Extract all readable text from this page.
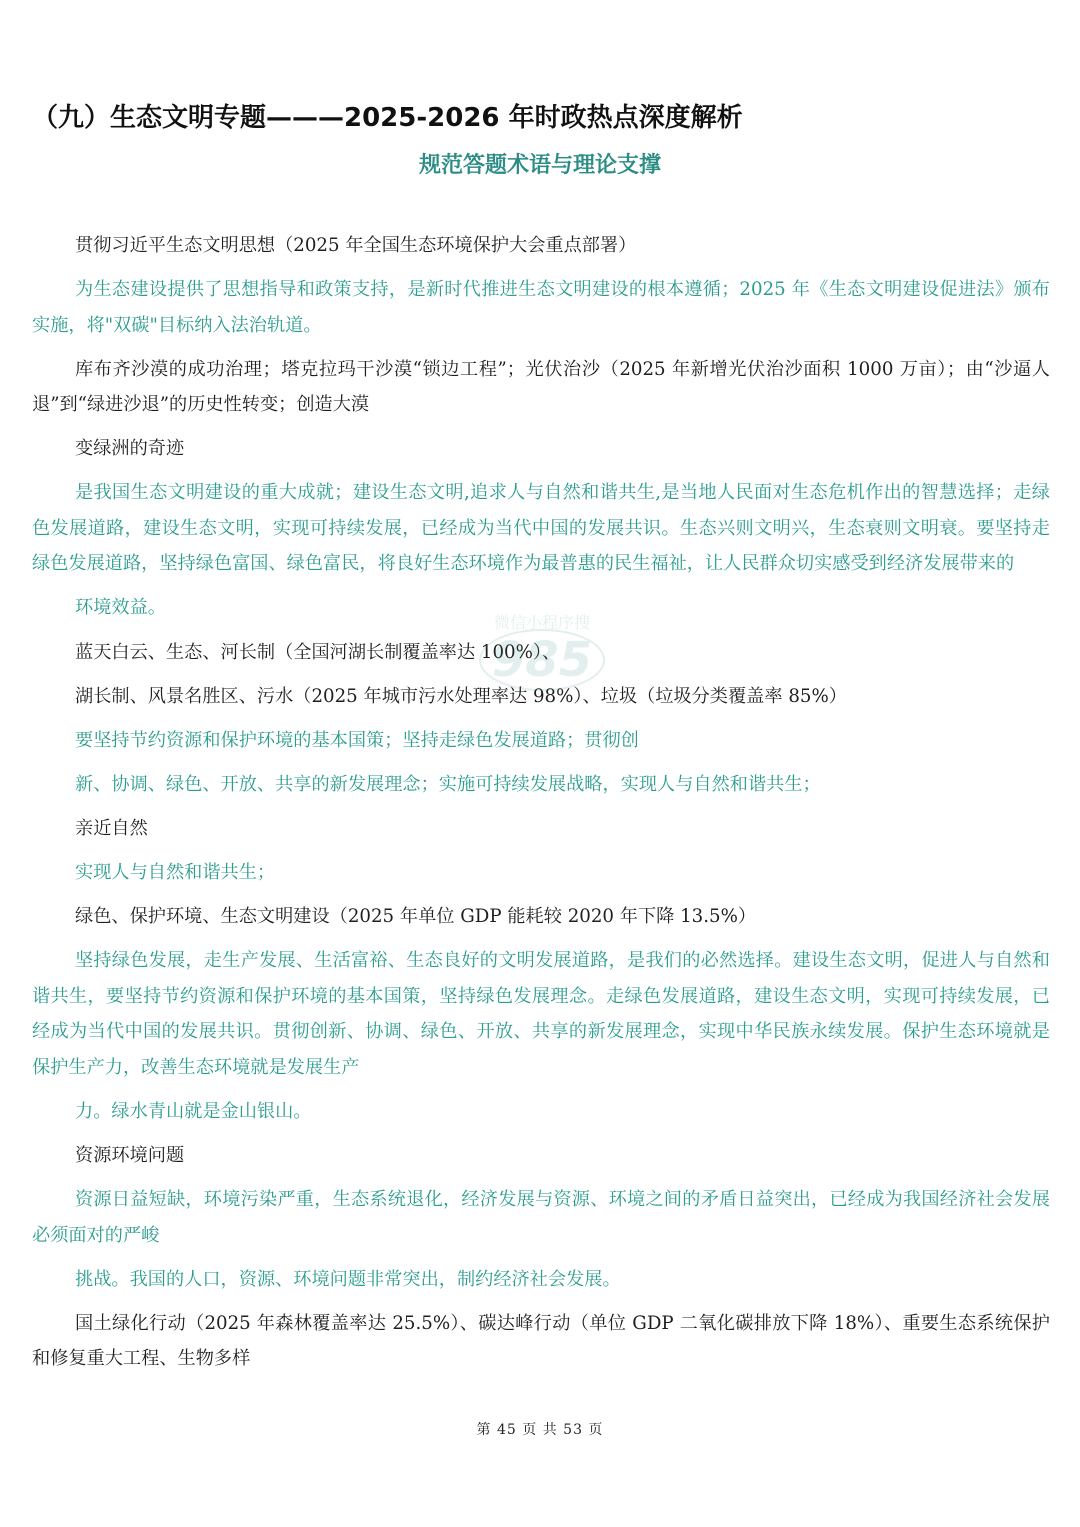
（九）生态文明专题———2025-2026 年时政热点深度解析
规范答题术语与理论支撑

贯彻习近平生态文明思想（2025 年全国生态环境保护大会重点部署）

为生态建设提供了思想指导和政策支持，是新时代推进生态文明建设的根本遵循；2025 年《生态文明建设促进法》颁布实施，将"双碳"目标纳入法治轨道。

库布齐沙漠的成功治理；塔克拉玛干沙漠“锁边工程”；光伏治沙（2025 年新增光伏治沙面积 1000 万亩）；由“沙逼人退”到“绿进沙退”的历史性转变；创造大漠

变绿洲的奇迹

是我国生态文明建设的重大成就；建设生态文明,追求人与自然和谐共生,是当地人民面对生态危机作出的智慧选择；走绿色发展道路，建设生态文明，实现可持续发展，已经成为当代中国的发展共识。生态兴则文明兴，生态衰则文明衰。要坚持走绿色发展道路，坚持绿色富国、绿色富民，将良好生态环境作为最普惠的民生福祉，让人民群众切实感受到经济发展带来的

环境效益。

蓝天白云、生态、河长制（全国河湖长制覆盖率达 100%）、

湖长制、风景名胜区、污水（2025 年城市污水处理率达 98%）、垃圾（垃圾分类覆盖率 85%）

要坚持节约资源和保护环境的基本国策；坚持走绿色发展道路；贯彻创

新、协调、绿色、开放、共享的新发展理念；实施可持续发展战略，实现人与自然和谐共生；

亲近自然

实现人与自然和谐共生；

绿色、保护环境、生态文明建设（2025 年单位 GDP 能耗较 2020 年下降 13.5%）

坚持绿色发展，走生产发展、生活富裕、生态良好的文明发展道路，是我们的必然选择。建设生态文明，促进人与自然和谐共生，要坚持节约资源和保护环境的基本国策，坚持绿色发展理念。走绿色发展道路，建设生态文明，实现可持续发展，已经成为当代中国的发展共识。贯彻创新、协调、绿色、开放、共享的新发展理念，实现中华民族永续发展。保护生态环境就是保护生产力，改善生态环境就是发展生产

力。绿水青山就是金山银山。

资源环境问题

资源日益短缺，环境污染严重，生态系统退化，经济发展与资源、环境之间的矛盾日益突出，已经成为我国经济社会发展必须面对的严峻

挑战。我国的人口，资源、环境问题非常突出，制约经济社会发展。

国土绿化行动（2025 年森林覆盖率达 25.5%）、碳达峰行动（单位 GDP 二氧化碳排放下降 18%）、重要生态系统保护和修复重大工程、生物多样

微信小程序搜
985
第 45 页 共 53 页
